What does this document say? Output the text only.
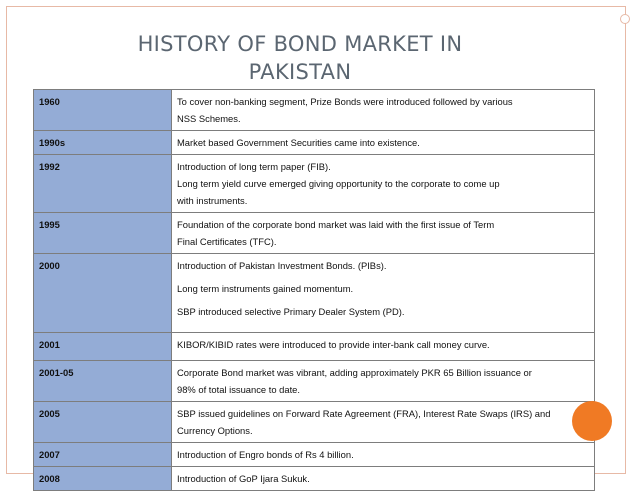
HISTORY OF BOND MARKET IN
PAKISTAN
1960	To cover non-banking segment, Prize Bonds were introduced followed by various
NSS Schemes.

1990s	Market based Government Securities came into existence.

1992	Introduction of long term paper (FIB).
Long term yield curve emerged giving opportunity to the corporate to come up
with instruments.

1995	Foundation of the corporate bond market was laid with the first issue of Term
Final Certificates (TFC).

2000	Introduction of Pakistan Investment Bonds. (PIBs).
Long term instruments gained momentum.
SBP introduced selective Primary Dealer System (PD).

2001	KIBOR/KIBID rates were introduced to provide inter-bank call money curve.

2001-05	Corporate Bond market was vibrant, adding approximately PKR 65 Billion issuance or
98% of total issuance to date.

2005	SBP issued guidelines on Forward Rate Agreement (FRA), Interest Rate Swaps (IRS) and
Currency Options.

2007	Introduction of Engro bonds of Rs 4 billion.

2008	Introduction of GoP Ijara Sukuk.
